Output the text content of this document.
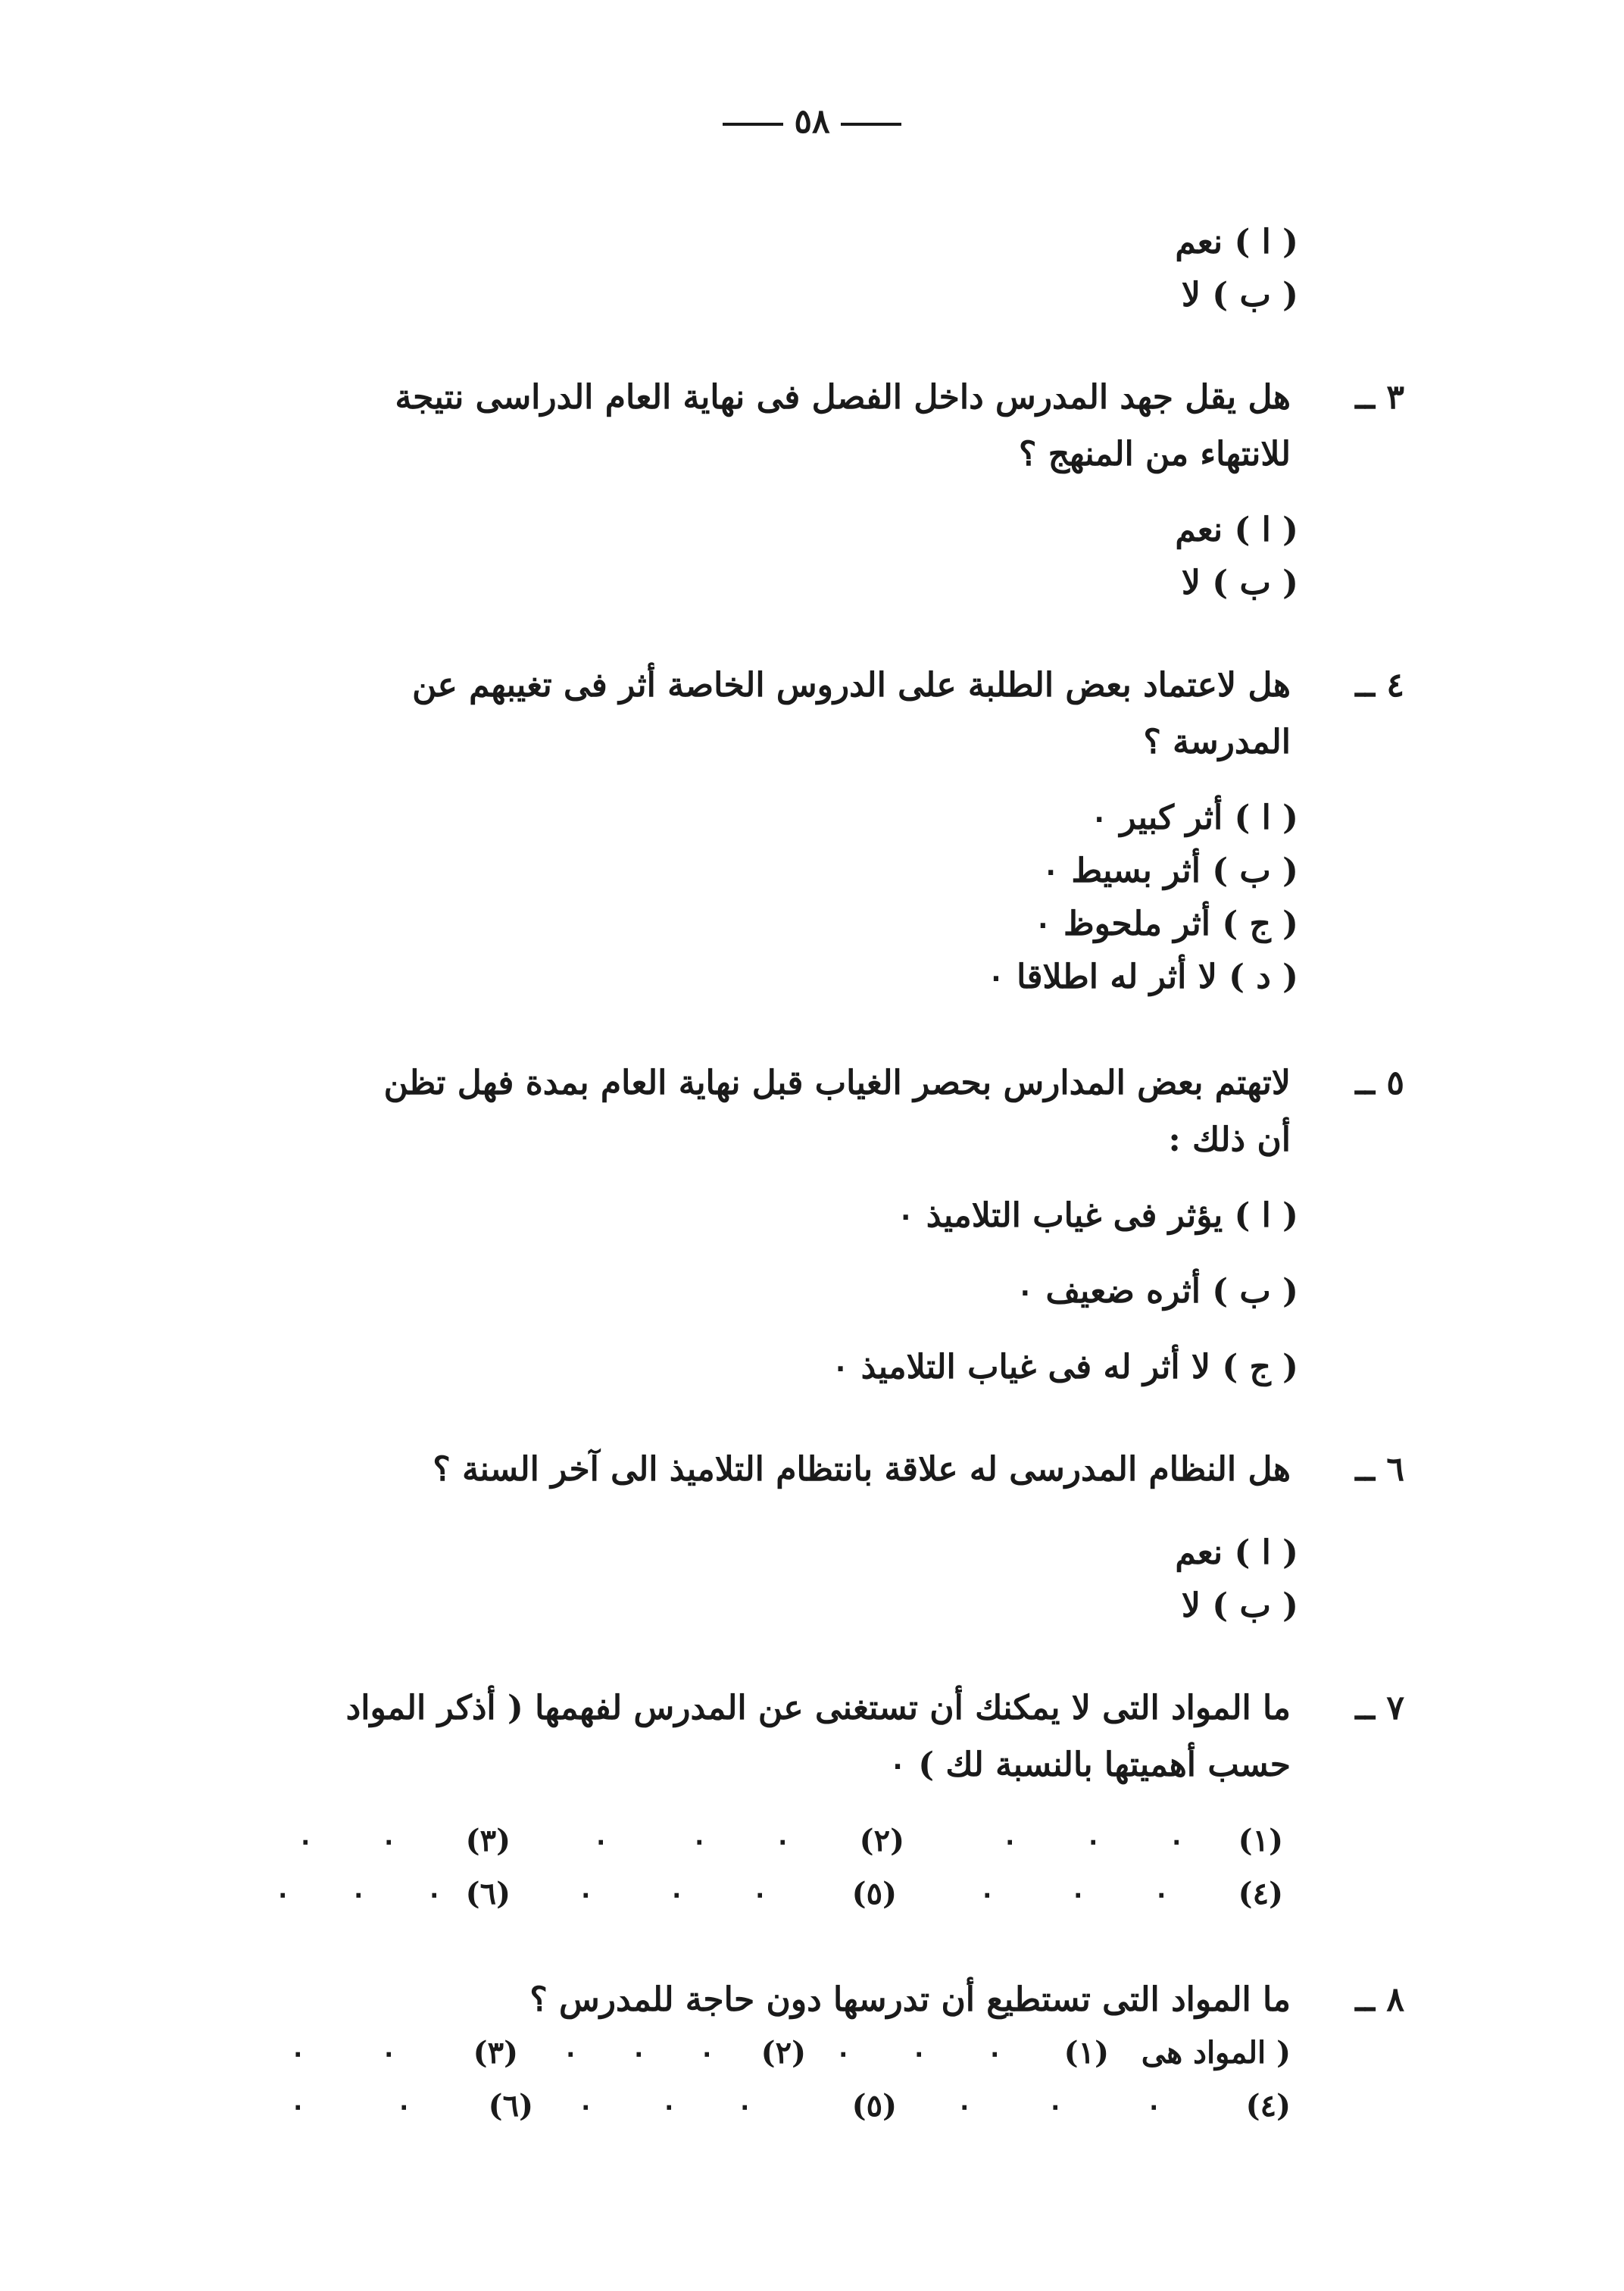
٥٨
( ا ) نعم
( ب ) لا
٣ ــ
هل يقل جهد المدرس داخل الفصل فى نهاية العام الدراسى نتيجة
للانتهاء من المنهج ؟
( ا ) نعم
( ب ) لا
٤ ــ
هل لاعتماد بعض الطلبة على الدروس الخاصة أثر فى تغيبهم عن
المدرسة ؟
( ا ) أثر كبير ٠
( ب ) أثر بسيط ٠
( ج ) أثر ملحوظ ٠
( د ) لا أثر له اطلاقا ٠
٥ ــ
لاتهتم بعض المدارس بحصر الغياب قبل نهاية العام بمدة فهل تظن
أن ذلك :
( ا ) يؤثر فى غياب التلاميذ ٠
( ب ) أثره ضعيف ٠
( ج ) لا أثر له فى غياب التلاميذ ٠
٦ ــ
هل النظام المدرسى له علاقة بانتظام التلاميذ الى آخر السنة ؟
( ا ) نعم
( ب ) لا
٧ ــ
ما المواد التى لا يمكنك أن تستغنى عن المدرس لفهمها ( أذكر المواد
حسب أهميتها بالنسبة لك ) ٠
(١)
٠
٠
٠
(٢)
٠
٠
٠
(٣)
٠
٠
(٤)
٠
٠
٠
(٥)
٠
٠
٠
(٦)
٠
٠
٠
٨ ــ
ما المواد التى تستطيع أن تدرسها دون حاجة للمدرس ؟
( المواد هى
(١)
٠
٠
٠
(٢)
٠
٠
٠
(٣)
٠
٠
(٤)
٠
٠
٠
(٥)
٠
٠
٠
(٦)
٠
٠
